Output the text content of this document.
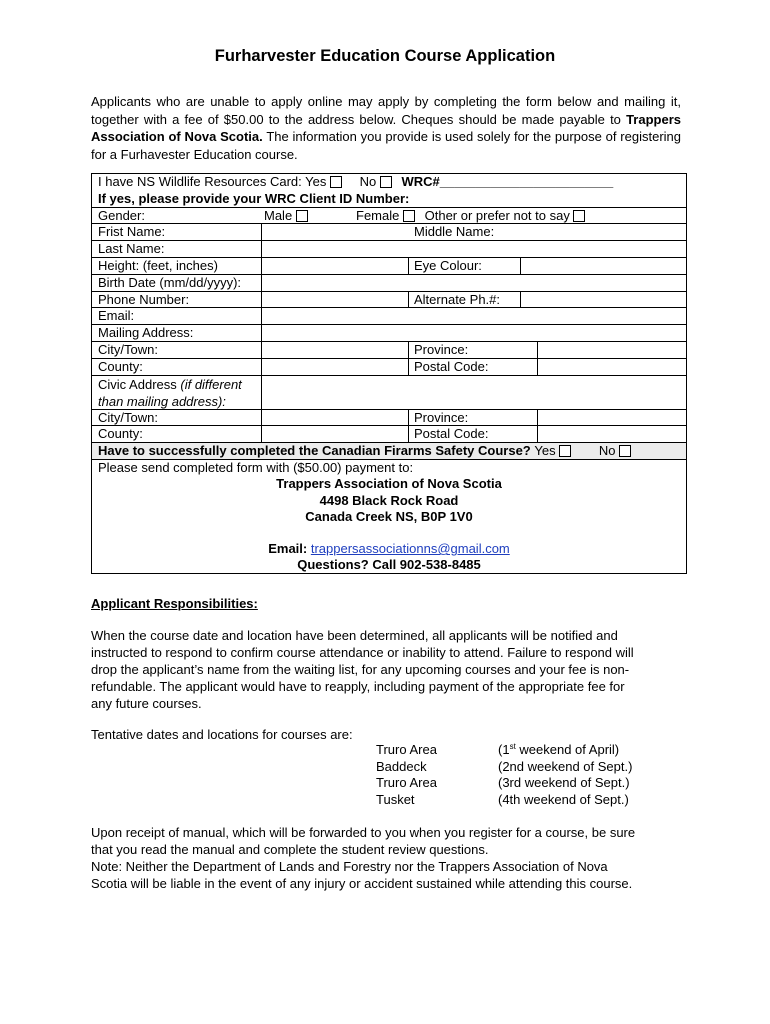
Furharvester Education Course Application
Applicants who are unable to apply online may apply by completing the form below and mailing it, together with a fee of $50.00 to the address below. Cheques should be made payable to Trappers Association of Nova Scotia. The information you provide is used solely for the purpose of registering for a Furhavester Education course.
I have NS Wildlife Resources Card: Yes	No WRC#________________________
If yes, please provide your WRC Client ID Number:
Gender:	Male	Female Other or prefer not to say
Frist Name:	Middle Name:
Last Name:
Height: (feet, inches)	Eye Colour:
Birth Date (mm/dd/yyyy):
Phone Number:	Alternate Ph.#:
Email:
Mailing Address:
City/Town:	Province:
County:	Postal Code:
Civic Address (if different
than mailing address):
City/Town:	Province:
County:	Postal Code:
Have to successfully completed the Canadian Firarms Safety Course? Yes	No
Please send completed form with ($50.00) payment to:
Trappers Association of Nova Scotia
4498 Black Rock Road
Canada Creek NS, B0P 1V0
Email: trappersassociationns@gmail.com
Questions? Call 902-538-8485
Applicant Responsibilities:
When the course date and location have been determined, all applicants will be notified and
instructed to respond to confirm course attendance or inability to attend. Failure to respond will
drop the applicant’s name from the waiting list, for any upcoming courses and your fee is non-
refundable. The applicant would have to reapply, including payment of the appropriate fee for
any future courses.
Tentative dates and locations for courses are:
Truro Area	(1st weekend of April)
Baddeck	(2nd weekend of Sept.)
Truro Area	(3rd weekend of Sept.)
Tusket	(4th weekend of Sept.)
Upon receipt of manual, which will be forwarded to you when you register for a course, be sure
that you read the manual and complete the student review questions.
Note: Neither the Department of Lands and Forestry nor the Trappers Association of Nova
Scotia will be liable in the event of any injury or accident sustained while attending this course.
